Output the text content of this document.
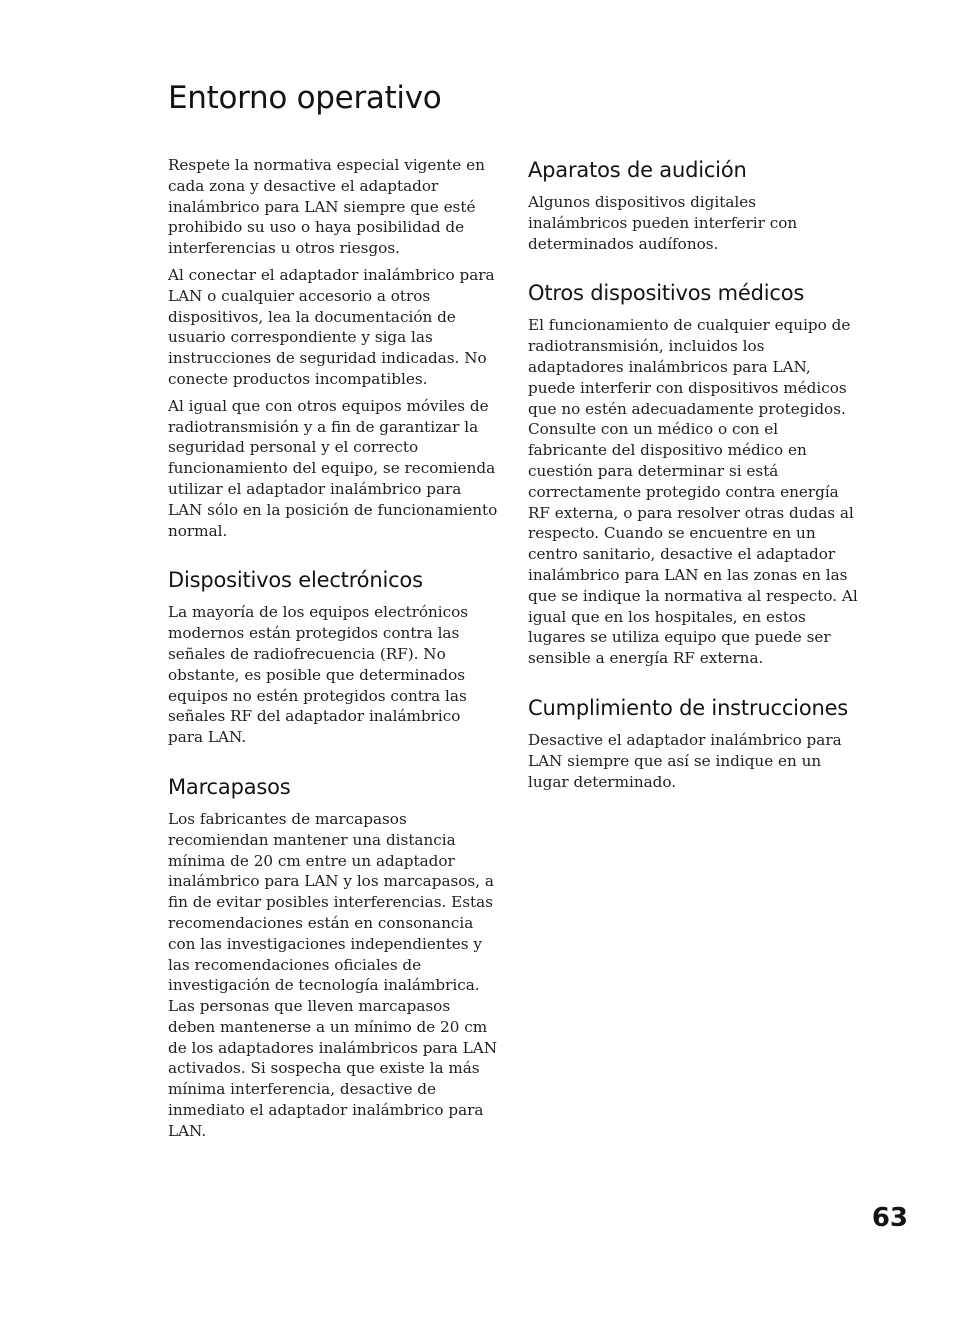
Entorno operativo

Respete la normativa especial vigente en cada zona y desactive el adaptador inalámbrico para LAN siempre que esté prohibido su uso o haya posibilidad de interferencias u otros riesgos.

Al conectar el adaptador inalámbrico para LAN o cualquier accesorio a otros dispositivos, lea la documentación de usuario correspondiente y siga las instrucciones de seguridad indicadas. No conecte productos incompatibles.

Al igual que con otros equipos móviles de radiotransmisión y a fin de garantizar la seguridad personal y el correcto funcionamiento del equipo, se recomienda utilizar el adaptador inalámbrico para LAN sólo en la posición de funcionamiento normal.

Dispositivos electrónicos

La mayoría de los equipos electrónicos modernos están protegidos contra las señales de radiofrecuencia (RF). No obstante, es posible que determinados equipos no estén protegidos contra las señales RF del adaptador inalámbrico para LAN.

Marcapasos

Los fabricantes de marcapasos recomiendan mantener una distancia mínima de 20 cm entre un adaptador inalámbrico para LAN y los marcapasos, a fin de evitar posibles interferencias. Estas recomendaciones están en consonancia con las investigaciones independientes y las recomendaciones oficiales de investigación de tecnología inalámbrica. Las personas que lleven marcapasos deben mantenerse a un mínimo de 20 cm de los adaptadores inalámbricos para LAN activados. Si sospecha que existe la más mínima interferencia, desactive de inmediato el adaptador inalámbrico para LAN.

Aparatos de audición

Algunos dispositivos digitales inalámbricos pueden interferir con determinados audífonos.

Otros dispositivos médicos

El funcionamiento de cualquier equipo de radiotransmisión, incluidos los adaptadores inalámbricos para LAN, puede interferir con dispositivos médicos que no estén adecuadamente protegidos. Consulte con un médico o con el fabricante del dispositivo médico en cuestión para determinar si está correctamente protegido contra energía RF externa, o para resolver otras dudas al respecto. Cuando se encuentre en un centro sanitario, desactive el adaptador inalámbrico para LAN en las zonas en las que se indique la normativa al respecto. Al igual que en los hospitales, en estos lugares se utiliza equipo que puede ser sensible a energía RF externa.

Cumplimiento de instrucciones

Desactive el adaptador inalámbrico para LAN siempre que así se indique en un lugar determinado.

63
